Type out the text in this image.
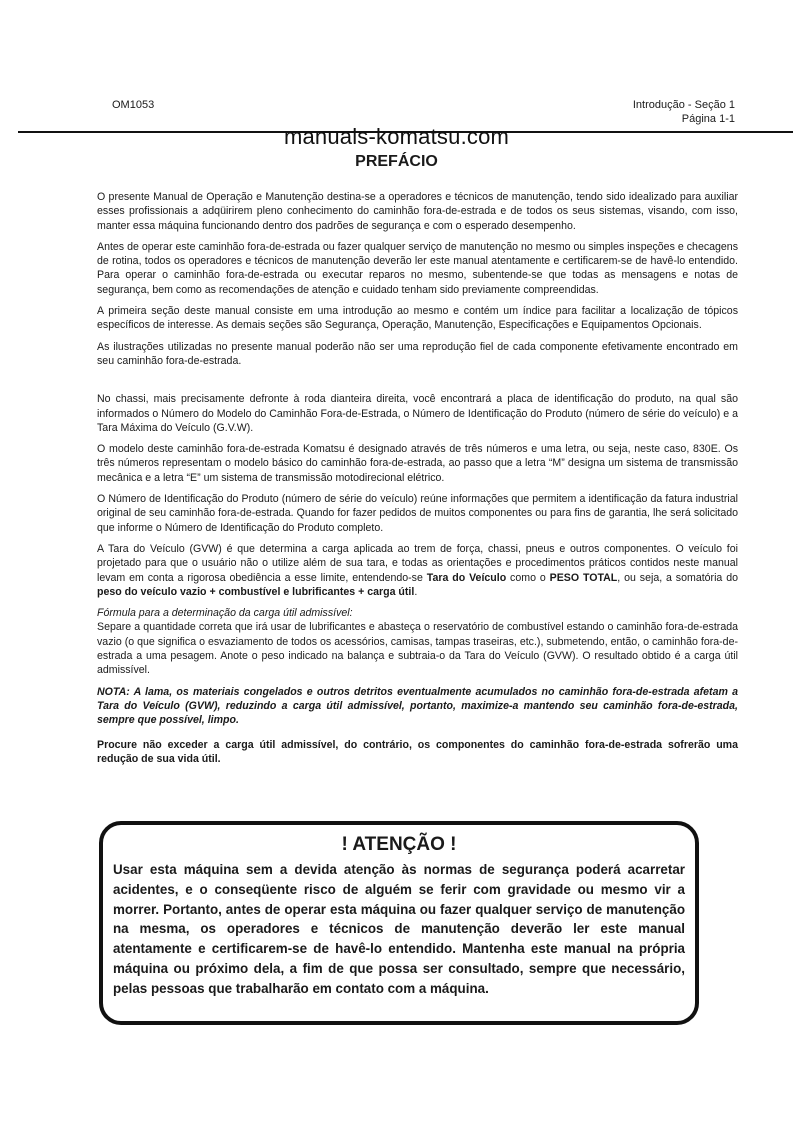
OM1053	Introdução - Seção 1
Página 1-1
manuals-komatsu.com
PREFÁCIO

O presente Manual de Operação e Manutenção destina-se a operadores e técnicos de manutenção, tendo sido idealizado para auxiliar esses profissionais a adqüirirem pleno conhecimento do caminhão fora-de-estrada e de todos os seus sistemas, visando, com isso, manter essa máquina funcionando dentro dos padrões de segurança e com o esperado desempenho.

Antes de operar este caminhão fora-de-estrada ou fazer qualquer serviço de manutenção no mesmo ou simples inspeções e checagens de rotina, todos os operadores e técnicos de manutenção deverão ler este manual atentamente e certificarem-se de havê-lo entendido. Para operar o caminhão fora-de-estrada ou executar reparos no mesmo, subentende-se que todas as mensagens e notas de segurança, bem como as recomendações de atenção e cuidado tenham sido previamente compreendidas.

A primeira seção deste manual consiste em uma introdução ao mesmo e contém um índice para facilitar a localização de tópicos específicos de interesse. As demais seções são Segurança, Operação, Manutenção, Especificações e Equipamentos Opcionais.

As ilustrações utilizadas no presente manual poderão não ser uma reprodução fiel de cada componente efetivamente encontrado em seu caminhão fora-de-estrada.

No chassi, mais precisamente defronte à roda dianteira direita, você encontrará a placa de identificação do produto, na qual são informados o Número do Modelo do Caminhão Fora-de-Estrada, o Número de Identificação do Produto (número de série do veículo) e a Tara Máxima do Veículo (G.V.W).

O modelo deste caminhão fora-de-estrada Komatsu é designado através de três números e uma letra, ou seja, neste caso, 830E. Os três números representam o modelo básico do caminhão fora-de-estrada, ao passo que a letra “M” designa um sistema de transmissão mecânica e a letra “E” um sistema de transmissão motodirecional elétrico.

O Número de Identificação do Produto (número de série do veículo) reúne informações que permitem a identificação da fatura industrial original de seu caminhão fora-de-estrada. Quando for fazer pedidos de muitos componentes ou para fins de garantia, lhe será solicitado que informe o Número de Identificação do Produto completo.

A Tara do Veículo (GVW) é que determina a carga aplicada ao trem de força, chassi, pneus e outros componentes. O veículo foi projetado para que o usuário não o utilize além de sua tara, e todas as orientações e procedimentos práticos contidos neste manual levam em conta a rigorosa obediência a esse limite, entendendo-se Tara do Veículo como o PESO TOTAL, ou seja, a somatória do peso do veículo vazio + combustível e lubrificantes + carga útil.

Fórmula para a determinação da carga útil admissível:

Separe a quantidade correta que irá usar de lubrificantes e abasteça o reservatório de combustível estando o caminhão fora-de-estrada vazio (o que significa o esvaziamento de todos os acessórios, camisas, tampas traseiras, etc.), submetendo, então, o caminhão fora-de-estrada a uma pesagem. Anote o peso indicado na balança e subtraia-o da Tara do Veículo (GVW). O resultado obtido é a carga útil admissível.

NOTA: A lama, os materiais congelados e outros detritos eventualmente acumulados no caminhão fora-de-estrada afetam a Tara do Veículo (GVW), reduzindo a carga útil admissível, portanto, maximize-a mantendo seu caminhão fora-de-estrada, sempre que possível, limpo.

Procure não exceder a carga útil admissível, do contrário, os componentes do caminhão fora-de-estrada sofrerão uma redução de sua vida útil.

! ATENÇÃO !
Usar esta máquina sem a devida atenção às normas de segurança poderá acarretar acidentes, e o conseqüente risco de alguém se ferir com gravidade ou mesmo vir a morrer. Portanto, antes de operar esta máquina ou fazer qualquer serviço de manutenção na mesma, os operadores e técnicos de manutenção deverão ler este manual atentamente e certificarem-se de havê-lo entendido. Mantenha este manual na própria máquina ou próximo dela, a fim de que possa ser consultado, sempre que necessário, pelas pessoas que trabalharão em contato com a máquina.
